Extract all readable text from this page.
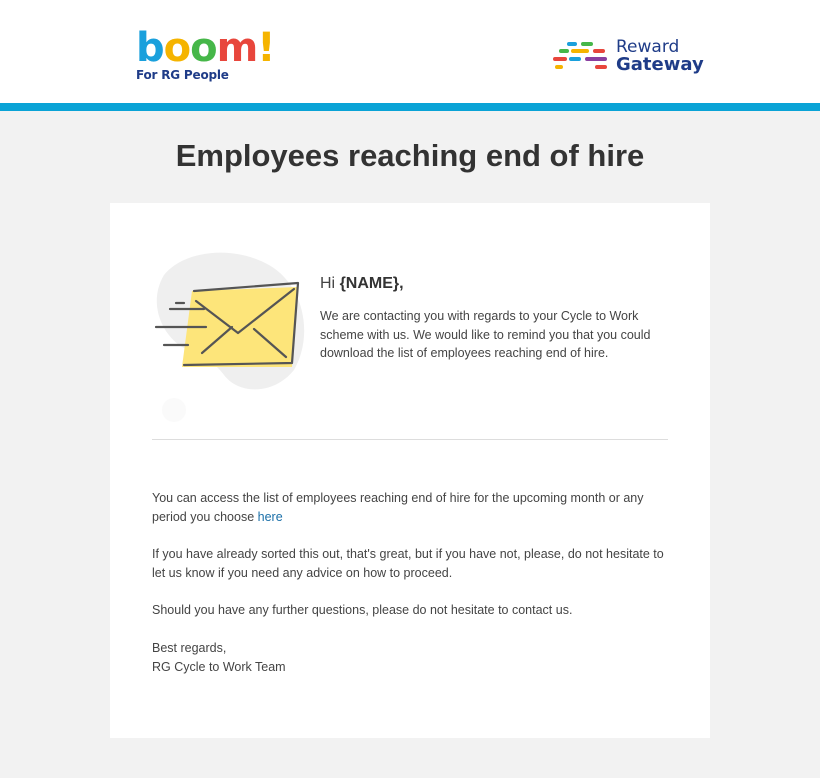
boom!
For RG People
Reward
Gateway
Employees reaching end of hire
Hi {NAME},

We are contacting you with regards to your Cycle to Work scheme with us. We would like to remind you that you could download the list of employees reaching end of hire.

You can access the list of employees reaching end of hire for the upcoming month or any period you choose here

If you have already sorted this out, that's great, but if you have not, please, do not hesitate to let us know if you need any advice on how to proceed.

Should you have any further questions, please do not hesitate to contact us.

Best regards,
RG Cycle to Work Team
